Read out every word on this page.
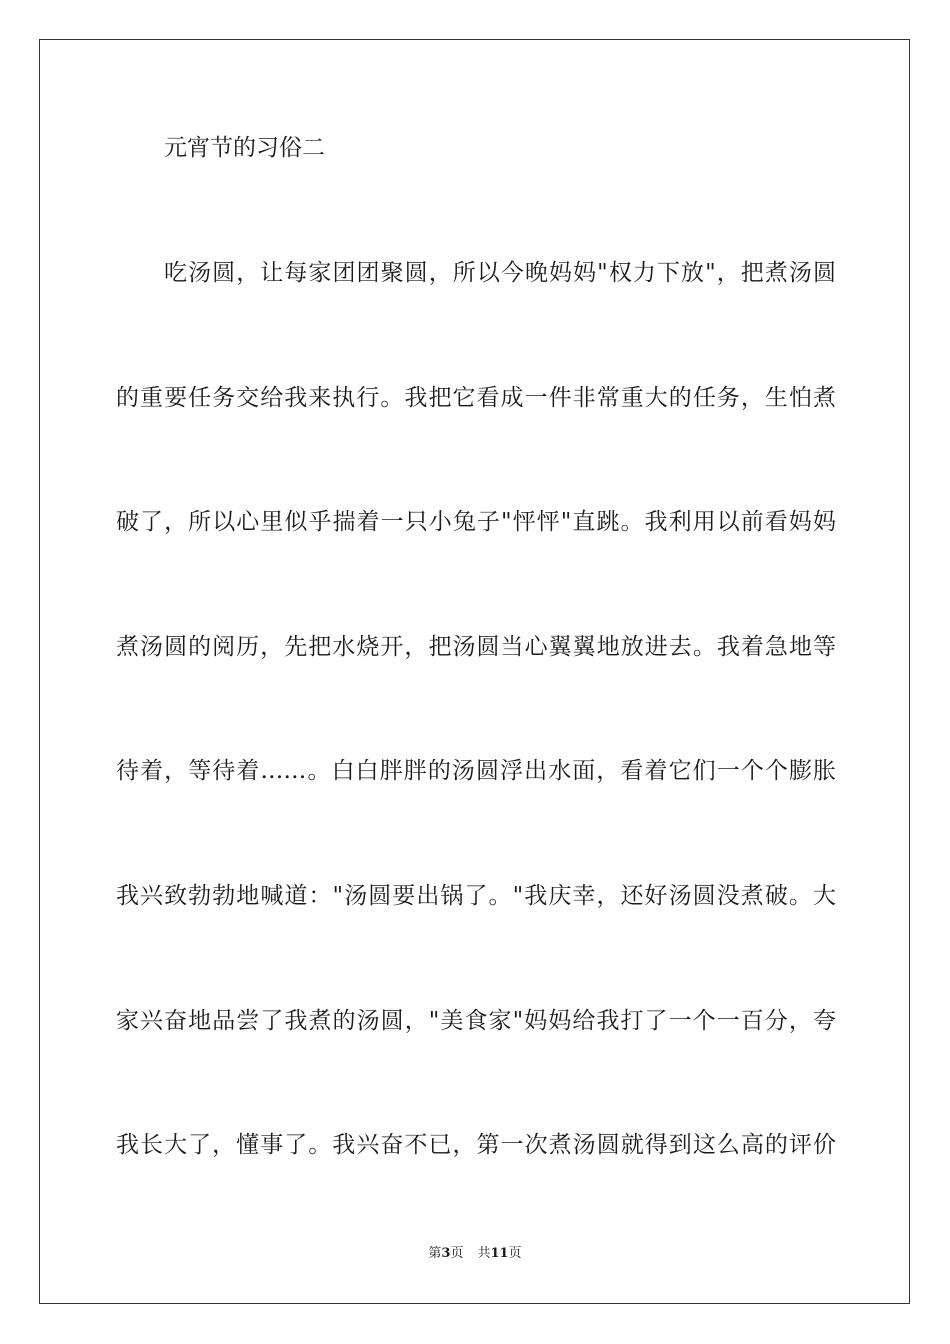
元宵节的习俗二
吃汤圆，让每家团团聚圆，所以今晚妈妈"权力下放"，把煮汤圆
的重要任务交给我来执行。我把它看成一件非常重大的任务，生怕煮
破了，所以心里似乎揣着一只小兔子"怦怦"直跳。我利用以前看妈妈
煮汤圆的阅历，先把水烧开，把汤圆当心翼翼地放进去。我着急地等
待着，等待着……。白白胖胖的汤圆浮出水面，看着它们一个个膨胀
我兴致勃勃地喊道："汤圆要出锅了。"我庆幸，还好汤圆没煮破。大
家兴奋地品尝了我煮的汤圆，"美食家"妈妈给我打了一个一百分，夸
我长大了，懂事了。我兴奋不已，第一次煮汤圆就得到这么高的评价
第3页 共11页
